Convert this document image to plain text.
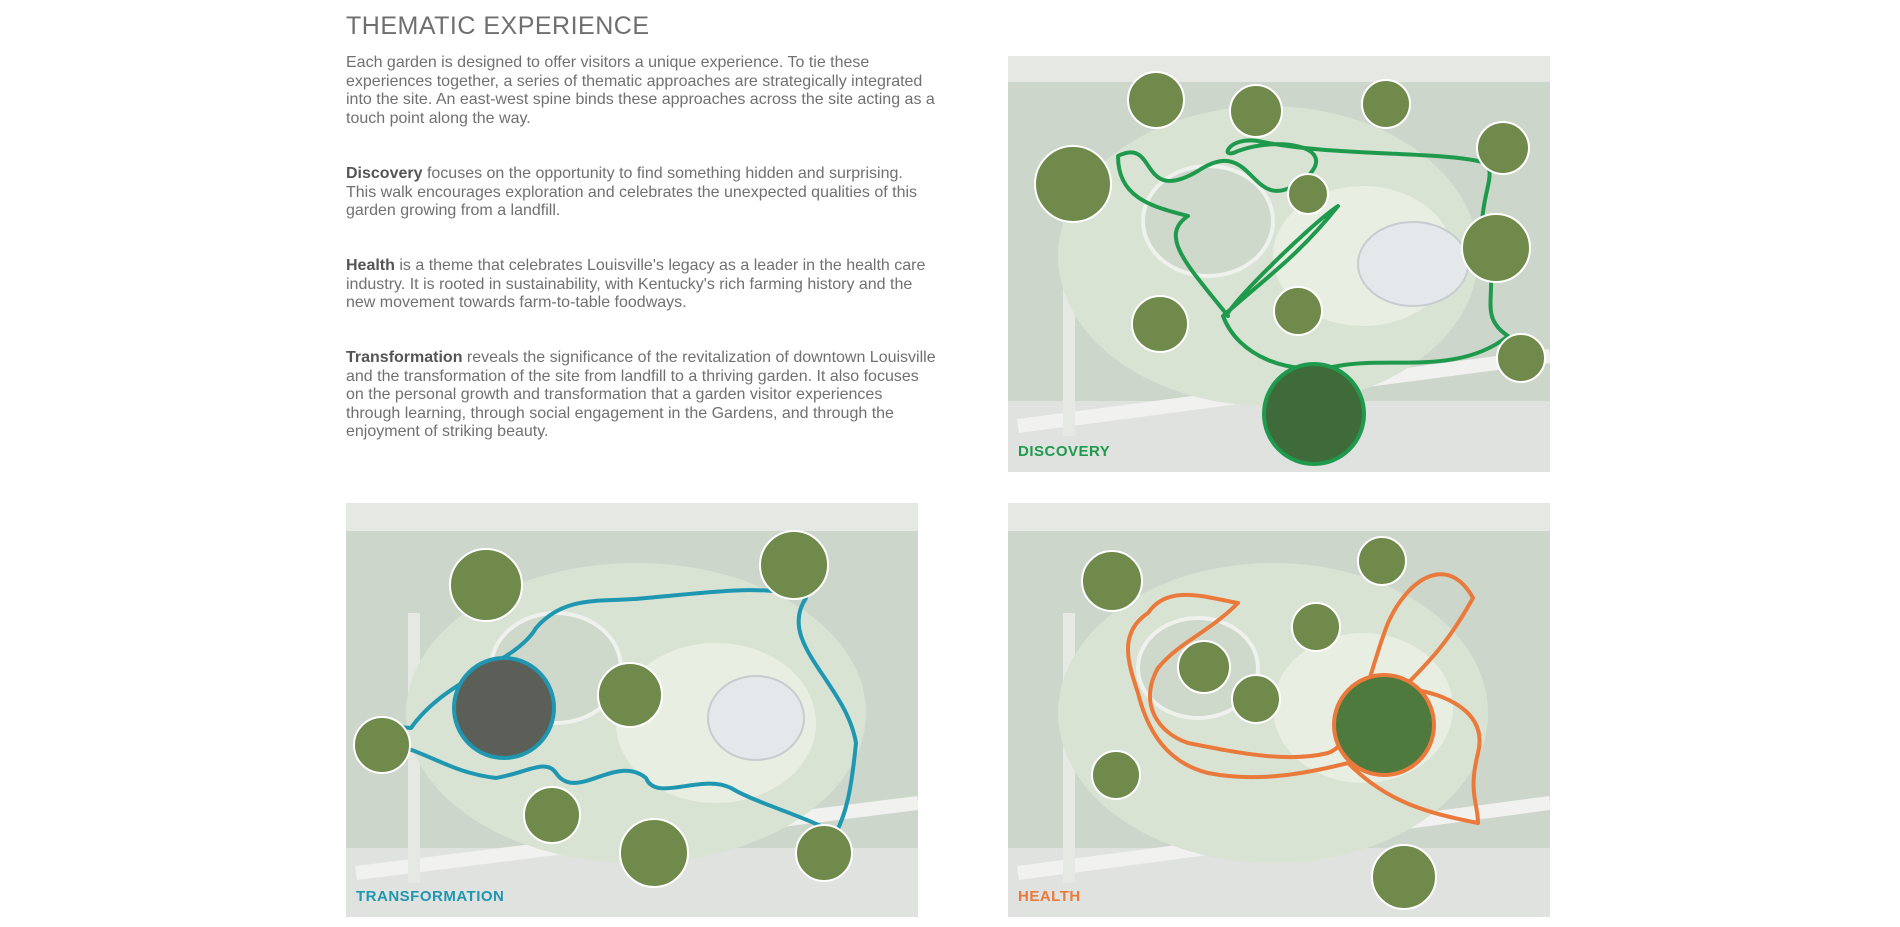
THEMATIC EXPERIENCE

Each garden is designed to offer visitors a unique experience. To tie these experiences together, a series of thematic approaches are strategically integrated into the site. An east-west spine binds these approaches across the site acting as a touch point along the way.

Discovery focuses on the opportunity to find something hidden and surprising. This walk encourages exploration and celebrates the unexpected qualities of this garden growing from a landfill.

Health is a theme that celebrates Louisville's legacy as a leader in the health care industry. It is rooted in sustainability, with Kentucky's rich farming history and the new movement towards farm-to-table foodways.

Transformation reveals the significance of the revitalization of downtown Louisville and the transformation of the site from landfill to a thriving garden. It also focuses on the personal growth and transformation that a garden visitor experiences through learning, through social engagement in the Gardens, and through the enjoyment of striking beauty.

DISCOVERY
TRANSFORMATION	HEALTH
